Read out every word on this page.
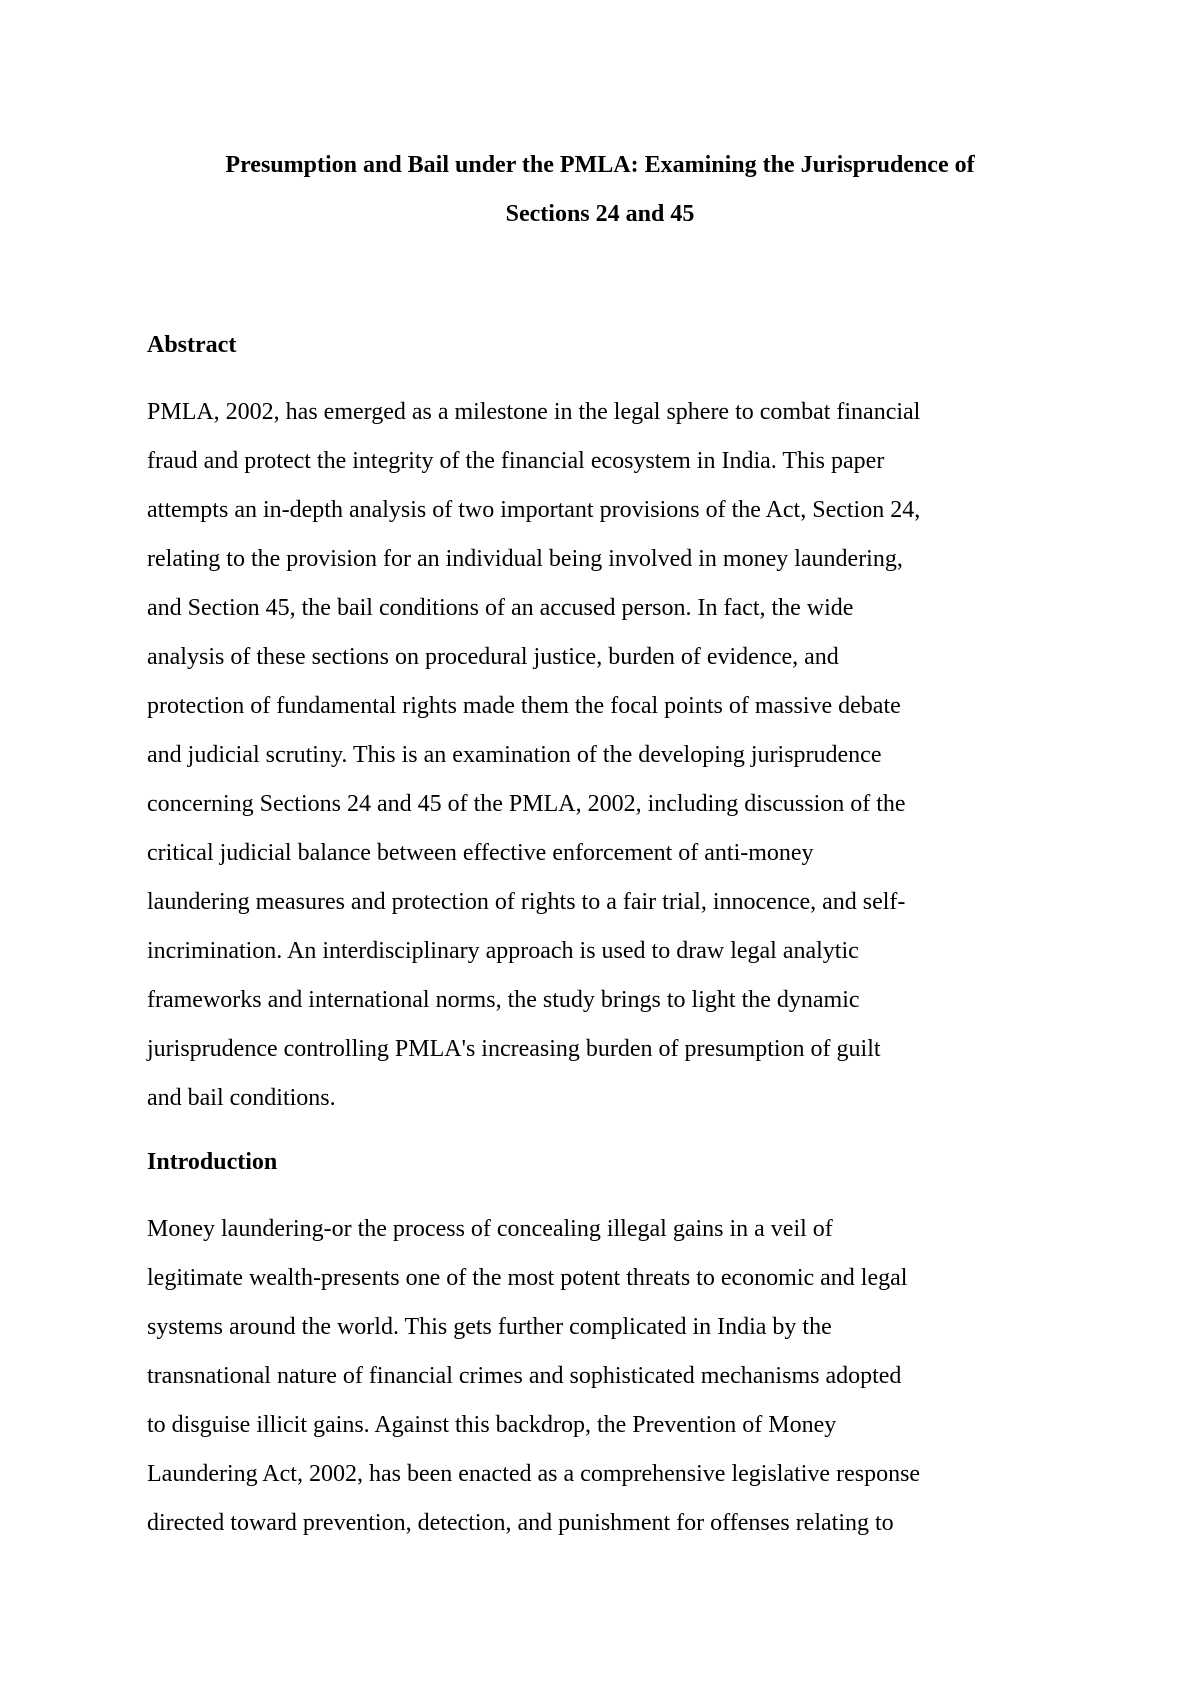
Presumption and Bail under the PMLA: Examining the Jurisprudence of
Sections 24 and 45
Abstract
PMLA, 2002, has emerged as a milestone in the legal sphere to combat financial
fraud and protect the integrity of the financial ecosystem in India. This paper
attempts an in-depth analysis of two important provisions of the Act, Section 24,
relating to the provision for an individual being involved in money laundering,
and Section 45, the bail conditions of an accused person. In fact, the wide
analysis of these sections on procedural justice, burden of evidence, and
protection of fundamental rights made them the focal points of massive debate
and judicial scrutiny. This is an examination of the developing jurisprudence
concerning Sections 24 and 45 of the PMLA, 2002, including discussion of the
critical judicial balance between effective enforcement of anti-money
laundering measures and protection of rights to a fair trial, innocence, and self-
incrimination. An interdisciplinary approach is used to draw legal analytic
frameworks and international norms, the study brings to light the dynamic
jurisprudence controlling PMLA's increasing burden of presumption of guilt
and bail conditions.
Introduction
Money laundering-or the process of concealing illegal gains in a veil of
legitimate wealth-presents one of the most potent threats to economic and legal
systems around the world. This gets further complicated in India by the
transnational nature of financial crimes and sophisticated mechanisms adopted
to disguise illicit gains. Against this backdrop, the Prevention of Money
Laundering Act, 2002, has been enacted as a comprehensive legislative response
directed toward prevention, detection, and punishment for offenses relating to
